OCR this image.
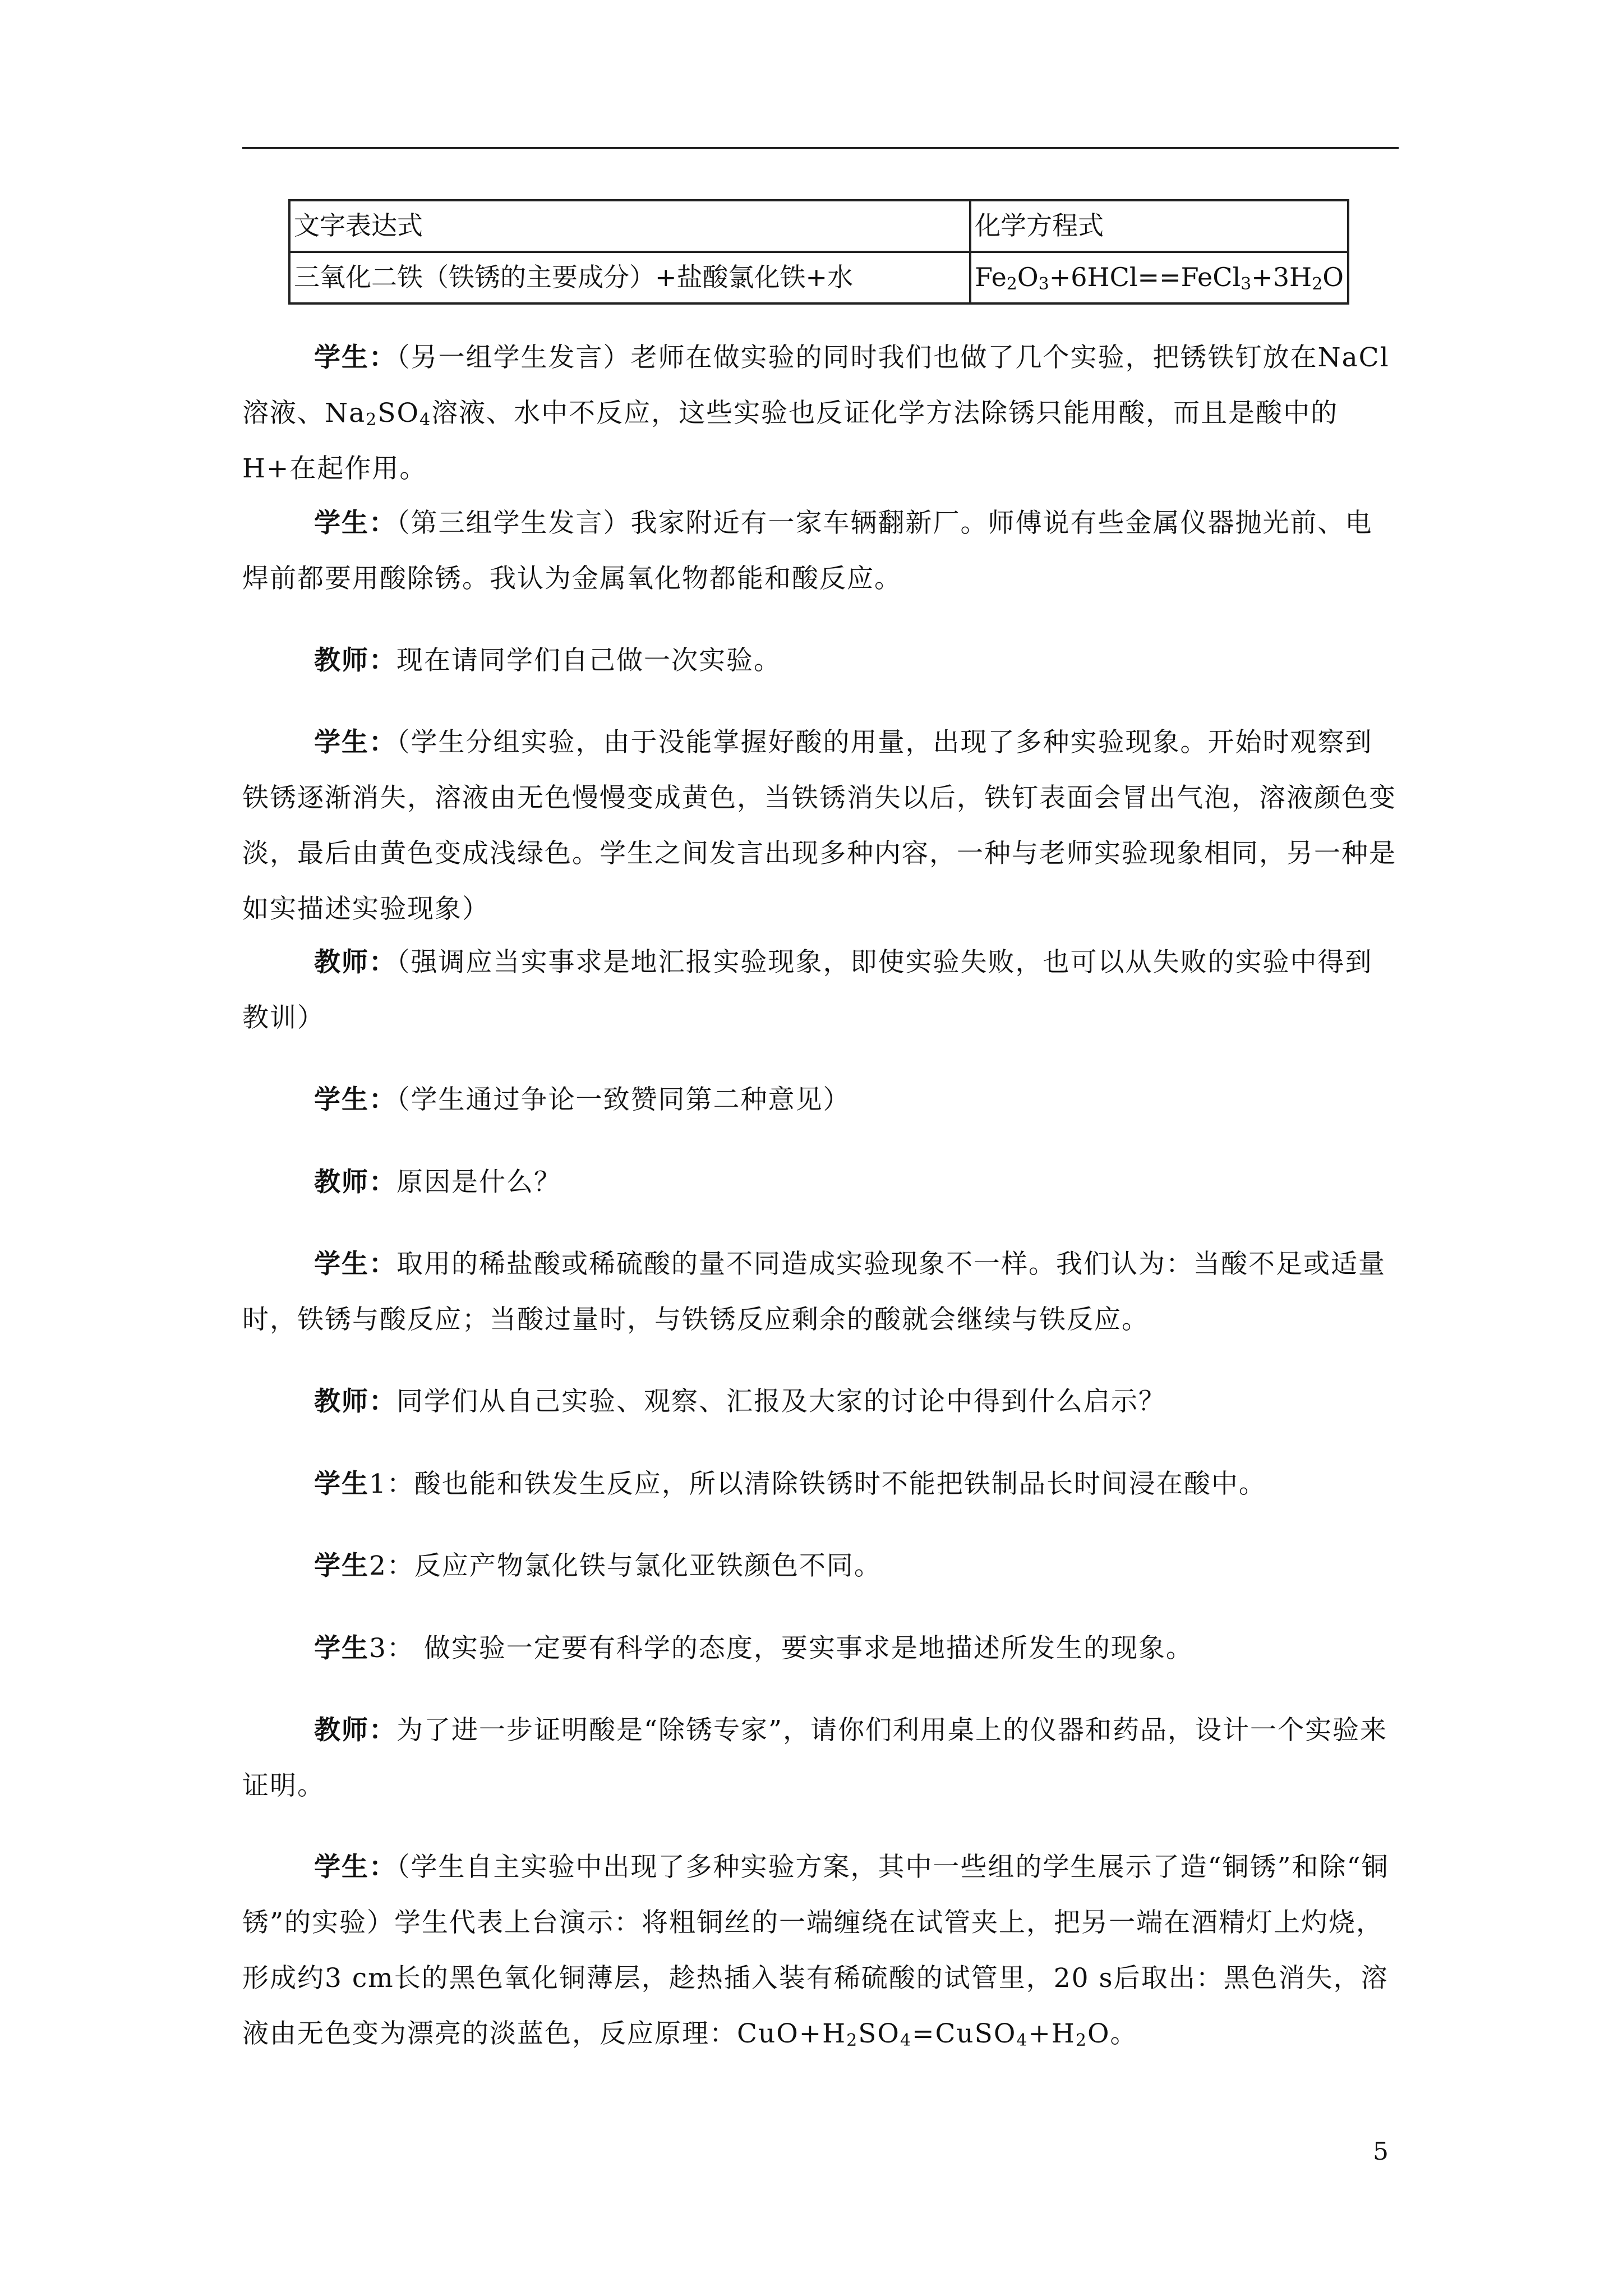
文字表达式	化学方程式
三氧化二铁（铁锈的主要成分）+盐酸氯化铁+水	$Fe_2O_3+6HCl==FeCl_3+3H_2O$

学生：（另一组学生发言）老师在做实验的同时我们也做了几个实验，把锈铁钉放在NaCl溶液、$Na_2SO_4$溶液、水中不反应，这些实验也反证化学方法除锈只能用酸，而且是酸中的H+在起作用。

学生：（第三组学生发言）我家附近有一家车辆翻新厂。师傅说有些金属仪器抛光前、电焊前都要用酸除锈。我认为金属氧化物都能和酸反应。

教师：现在请同学们自己做一次实验。

学生：（学生分组实验，由于没能掌握好酸的用量，出现了多种实验现象。开始时观察到铁锈逐渐消失，溶液由无色慢慢变成黄色，当铁锈消失以后，铁钉表面会冒出气泡，溶液颜色变淡，最后由黄色变成浅绿色。学生之间发言出现多种内容，一种与老师实验现象相同，另一种是如实描述实验现象）

教师：（强调应当实事求是地汇报实验现象，即使实验失败，也可以从失败的实验中得到教训）

学生：（学生通过争论一致赞同第二种意见）

教师：原因是什么？

学生：取用的稀盐酸或稀硫酸的量不同造成实验现象不一样。我们认为：当酸不足或适量时，铁锈与酸反应；当酸过量时，与铁锈反应剩余的酸就会继续与铁反应。

教师：同学们从自己实验、观察、汇报及大家的讨论中得到什么启示？

学生1：酸也能和铁发生反应，所以清除铁锈时不能把铁制品长时间浸在酸中。

学生2：反应产物氯化铁与氯化亚铁颜色不同。

学生3： 做实验一定要有科学的态度，要实事求是地描述所发生的现象。

教师：为了进一步证明酸是“除锈专家”，请你们利用桌上的仪器和药品，设计一个实验来证明。

学生：（学生自主实验中出现了多种实验方案，其中一些组的学生展示了造“铜锈”和除“铜锈”的实验）学生代表上台演示：将粗铜丝的一端缠绕在试管夹上，把另一端在酒精灯上灼烧，形成约3 cm长的黑色氧化铜薄层，趁热插入装有稀硫酸的试管里，20 s后取出：黑色消失，溶液由无色变为漂亮的淡蓝色，反应原理：$CuO+H_2SO_4=CuSO_4+H_2O$。

5
